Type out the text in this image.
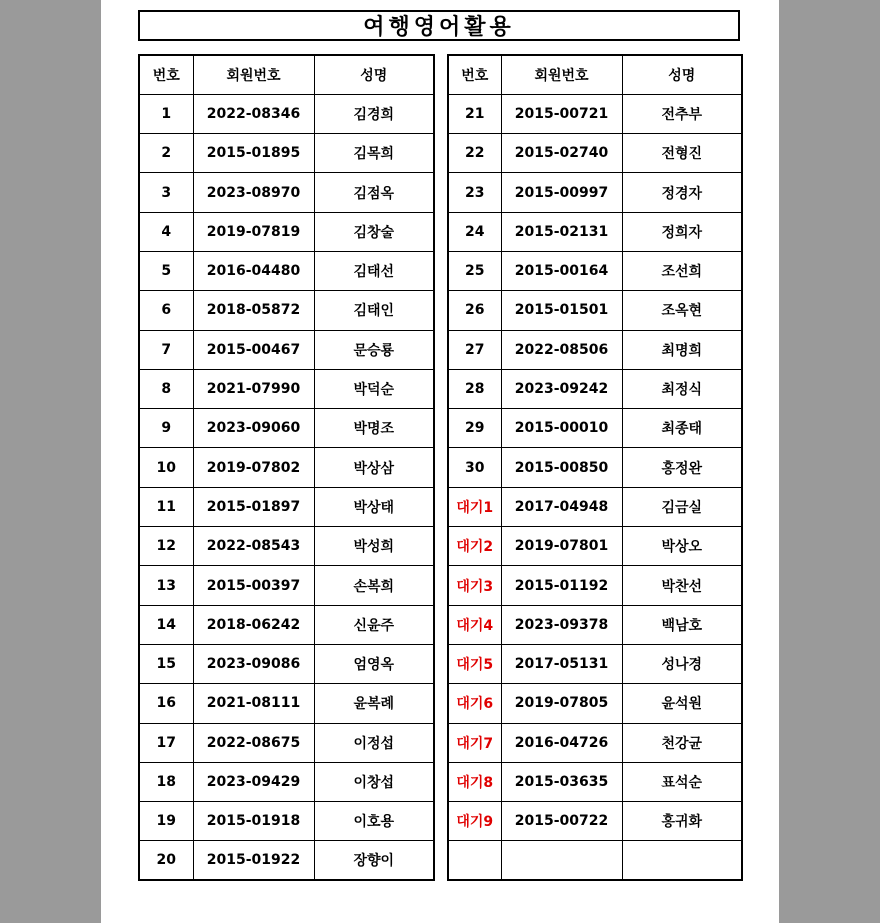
여행영어활용
번호	회원번호	성명
1	2022-08346	김경희
2	2015-01895	김목희
3	2023-08970	김점옥
4	2019-07819	김창술
5	2016-04480	김태선
6	2018-05872	김태인
7	2015-00467	문승룡
8	2021-07990	박덕순
9	2023-09060	박명조
10	2019-07802	박상삼
11	2015-01897	박상태
12	2022-08543	박성희
13	2015-00397	손복희
14	2018-06242	신윤주
15	2023-09086	엄영옥
16	2021-08111	윤복례
17	2022-08675	이정섭
18	2023-09429	이창섭
19	2015-01918	이호용
20	2015-01922	장향이
번호	회원번호	성명
21	2015-00721	전추부
22	2015-02740	전형진
23	2015-00997	정경자
24	2015-02131	정희자
25	2015-00164	조선희
26	2015-01501	조옥현
27	2022-08506	최명희
28	2023-09242	최정식
29	2015-00010	최종태
30	2015-00850	홍정완
대기1	2017-04948	김금실
대기2	2019-07801	박상오
대기3	2015-01192	박찬선
대기4	2023-09378	백남호
대기5	2017-05131	성나경
대기6	2019-07805	윤석원
대기7	2016-04726	천강균
대기8	2015-03635	표석순
대기9	2015-00722	홍귀화
